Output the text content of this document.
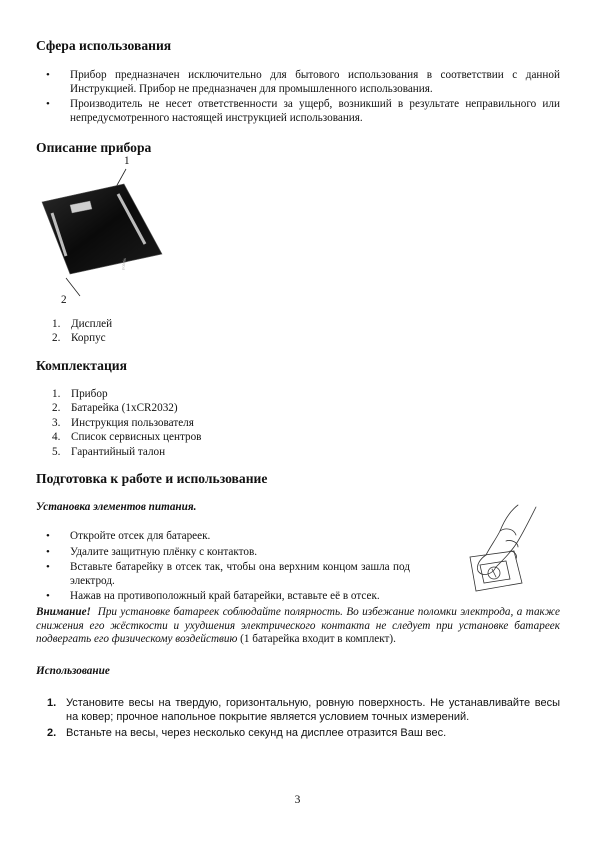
Сфера использования
• Прибор предназначен исключительно для бытового использования в соответствии с данной Инструкцией. Прибор не предназначен для промышленного использования.
• Производитель не несет ответственности за ущерб, возникший в результате неправильного или непредусмотренного настоящей инструкцией использования.
Описание прибора
1
2
polaris
1. Дисплей
2. Корпус
Комплектация
1. Прибор
2. Батарейка (1xCR2032)
3. Инструкция пользователя
4. Список сервисных центров
5. Гарантийный талон
Подготовка к работе и использование
Установка элементов питания.
• Откройте отсек для батареек.
• Удалите защитную плёнку с контактов.
• Вставьте батарейку в отсек так, чтобы она верхним концом зашла под электрод.
• Нажав на противоположный край батарейки, вставьте её в отсек.

Внимание! При установке батареек соблюдайте полярность. Во избежание поломки электрода, а также снижения его жёсткости и ухудшения электрического контакта не следует при установке батареек подвергать его физическому воздействию (1 батарейка входит в комплект).

Использование
1. Установите весы на твердую, горизонтальную, ровную поверхность. Не устанавливайте весы на ковер; прочное напольное покрытие является условием точных измерений.
2. Встаньте на весы, через несколько секунд на дисплее отразится Ваш вес.
3
